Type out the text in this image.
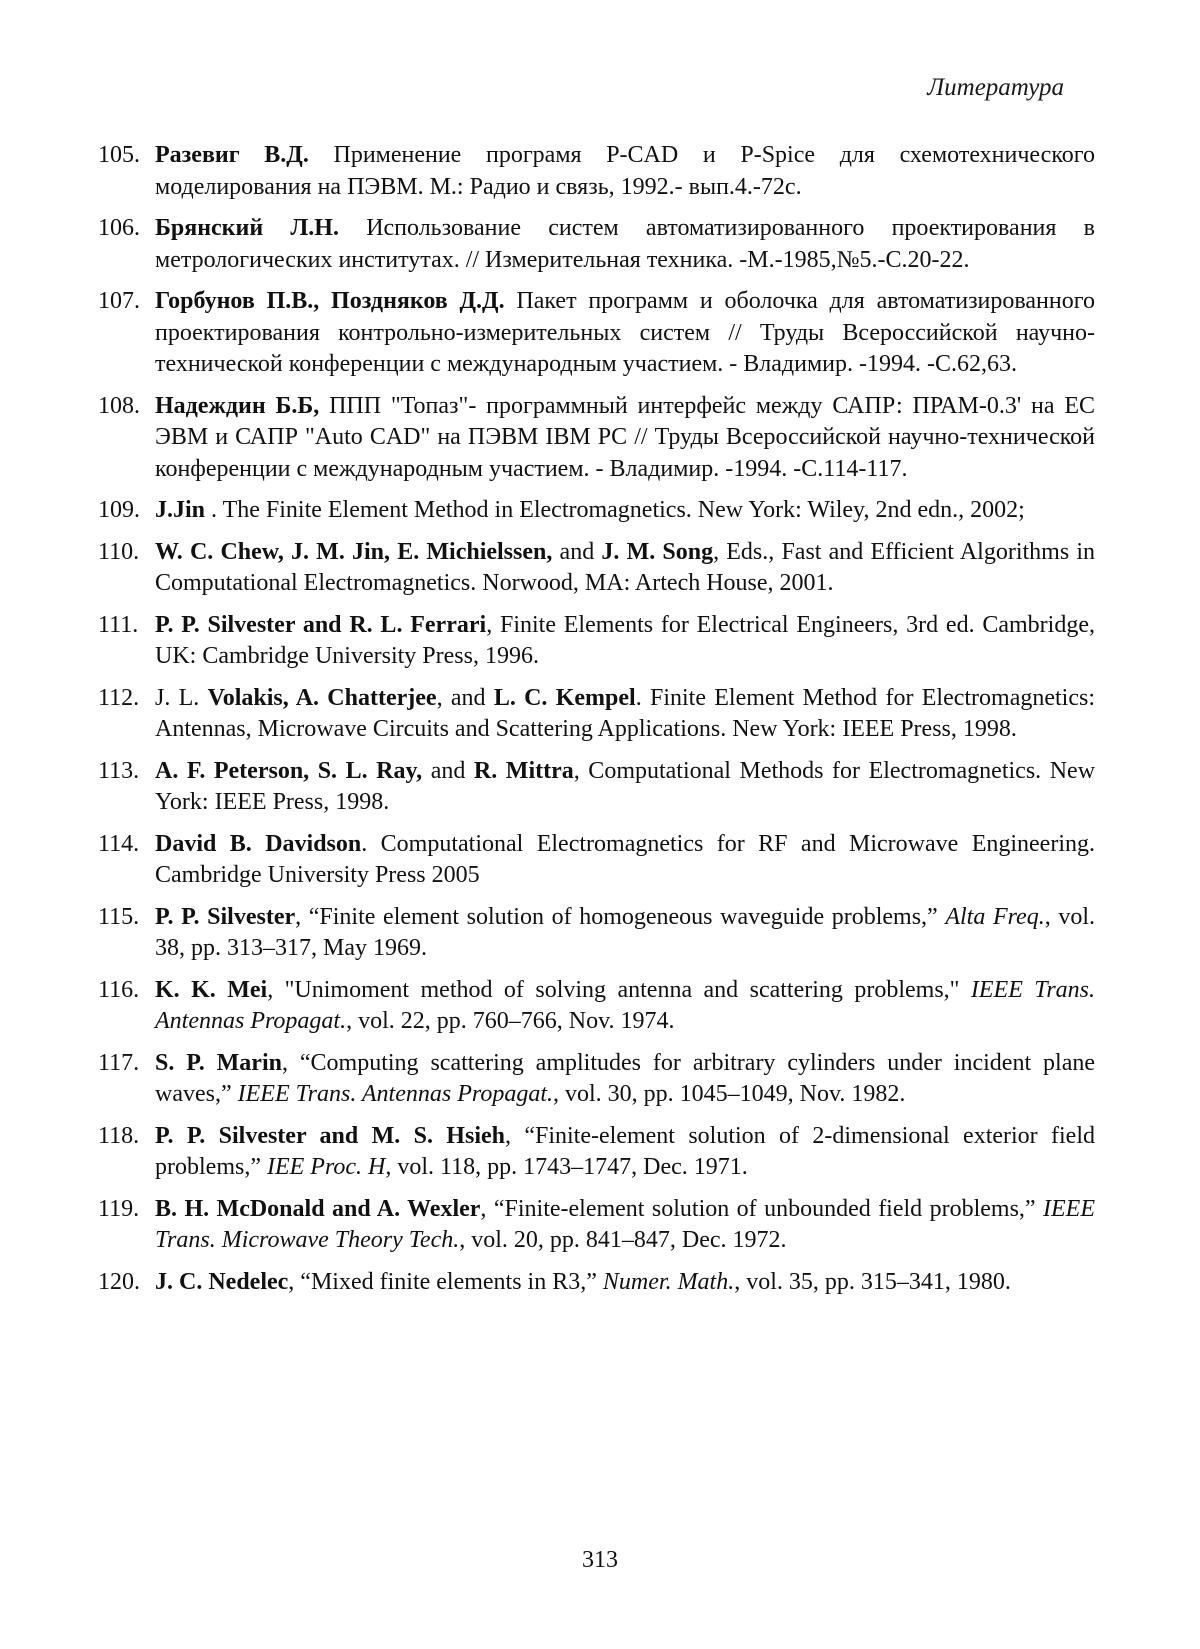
Литература
105. Разевиг В.Д. Применение програмя P-CAD и P-Spice для схемотехнического моделирования на ПЭВМ. М.: Радио и связь, 1992.- вып.4.-72с.
106. Брянский Л.Н. Использование систем автоматизированного проектирования в метрологических институтах. // Измерительная техника. -М.-1985,№5.-С.20-22.
107. Горбунов П.В., Поздняков Д.Д. Пакет программ и оболочка для автоматизированного проектирования контрольно-измерительных систем // Труды Всероссийской научно-технической конференции с международным участием. - Владимир. -1994. -С.62,63.
108. Надеждин Б.Б, ППП "Топаз"- программный интерфейс между САПР: ПРАМ-0.3' на ЕС ЭВМ и САПР "Auto CAD" на ПЭВМ IBM PC // Труды Всероссийской научно-технической конференции с международным участием. - Владимир. -1994. -С.114-117.
109. J.Jin . The Finite Element Method in Electromagnetics. New York: Wiley, 2nd edn., 2002;
110. W. C. Chew, J. M. Jin, E. Michielssen, and J. M. Song, Eds., Fast and Efficient Algorithms in Computational Electromagnetics. Norwood, MA: Artech House, 2001.
111. P. P. Silvester and R. L. Ferrari, Finite Elements for Electrical Engineers, 3rd ed. Cambridge, UK: Cambridge University Press, 1996.
112. J. L. Volakis, A. Chatterjee, and L. C. Kempel. Finite Element Method for Electromagnetics: Antennas, Microwave Circuits and Scattering Applications. New York: IEEE Press, 1998.
113. A. F. Peterson, S. L. Ray, and R. Mittra, Computational Methods for Electromagnetics. New York: IEEE Press, 1998.
114. David B. Davidson. Computational Electromagnetics for RF and Microwave Engineering. Cambridge University Press 2005
115. P. P. Silvester, “Finite element solution of homogeneous waveguide problems,” Alta Freq., vol. 38, pp. 313–317, May 1969.
116. K. K. Mei, "Unimoment method of solving antenna and scattering problems," IEEE Trans. Antennas Propagat., vol. 22, pp. 760–766, Nov. 1974.
117. S. P. Marin, “Computing scattering amplitudes for arbitrary cylinders under incident plane waves,” IEEE Trans. Antennas Propagat., vol. 30, pp. 1045–1049, Nov. 1982.
118. P. P. Silvester and M. S. Hsieh, “Finite-element solution of 2-dimensional exterior field problems,” IEE Proc. H, vol. 118, pp. 1743–1747, Dec. 1971.
119. B. H. McDonald and A. Wexler, “Finite-element solution of unbounded field problems,” IEEE Trans. Microwave Theory Tech., vol. 20, pp. 841–847, Dec. 1972.
120. J. C. Nedelec, “Mixed finite elements in R3,” Numer. Math., vol. 35, pp. 315–341, 1980.
313
